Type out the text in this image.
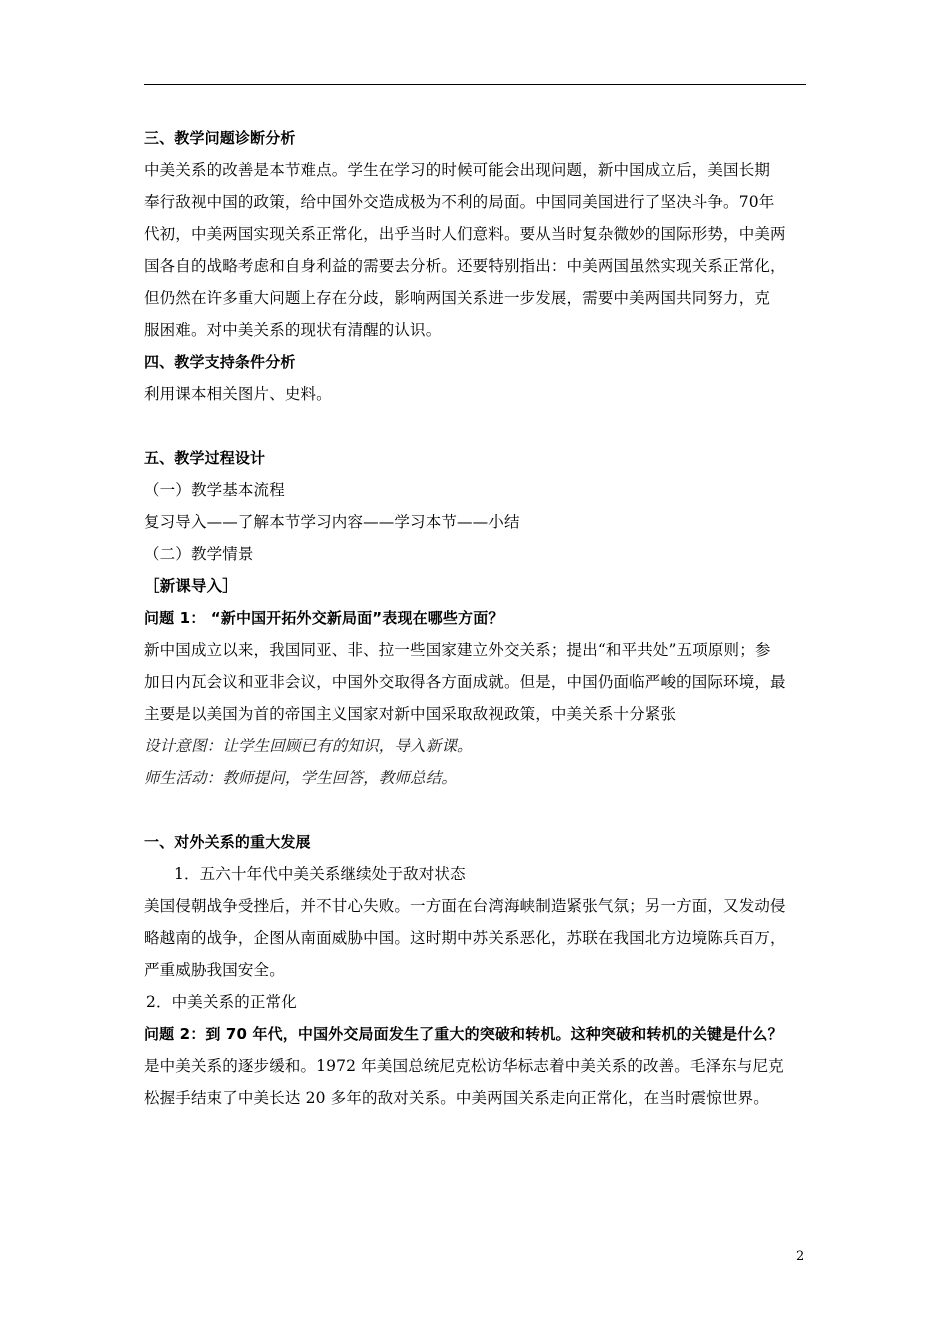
三、教学问题诊断分析
中美关系的改善是本节难点。学生在学习的时候可能会出现问题，新中国成立后，美国长期
奉行敌视中国的政策，给中国外交造成极为不利的局面。中国同美国进行了坚决斗争。70年
代初，中美两国实现关系正常化，出乎当时人们意料。要从当时复杂微妙的国际形势，中美两
国各自的战略考虑和自身利益的需要去分析。还要特别指出：中美两国虽然实现关系正常化，
但仍然在许多重大问题上存在分歧，影响两国关系进一步发展，需要中美两国共同努力，克
服困难。对中美关系的现状有清醒的认识。
四、教学支持条件分析
利用课本相关图片、史料。
五、教学过程设计
（一）教学基本流程
复习导入——了解本节学习内容——学习本节——小结
（二）教学情景
［新课导入］
问题 1： “新中国开拓外交新局面”表现在哪些方面？
新中国成立以来，我国同亚、非、拉一些国家建立外交关系；提出“和平共处”五项原则；参
加日内瓦会议和亚非会议，中国外交取得各方面成就。但是，中国仍面临严峻的国际环境，最
主要是以美国为首的帝国主义国家对新中国采取敌视政策，中美关系十分紧张
设计意图：让学生回顾已有的知识，导入新课。
师生活动：教师提问，学生回答，教师总结。
一、对外关系的重大发展
1．五六十年代中美关系继续处于敌对状态
美国侵朝战争受挫后，并不甘心失败。一方面在台湾海峡制造紧张气氛；另一方面，又发动侵
略越南的战争，企图从南面威胁中国。这时期中苏关系恶化，苏联在我国北方边境陈兵百万，
严重威胁我国安全。
2．中美关系的正常化
问题 2：到 70 年代，中国外交局面发生了重大的突破和转机。这种突破和转机的关键是什么？
是中美关系的逐步缓和。1972 年美国总统尼克松访华标志着中美关系的改善。毛泽东与尼克
松握手结束了中美长达 20 多年的敌对关系。中美两国关系走向正常化，在当时震惊世界。
2
